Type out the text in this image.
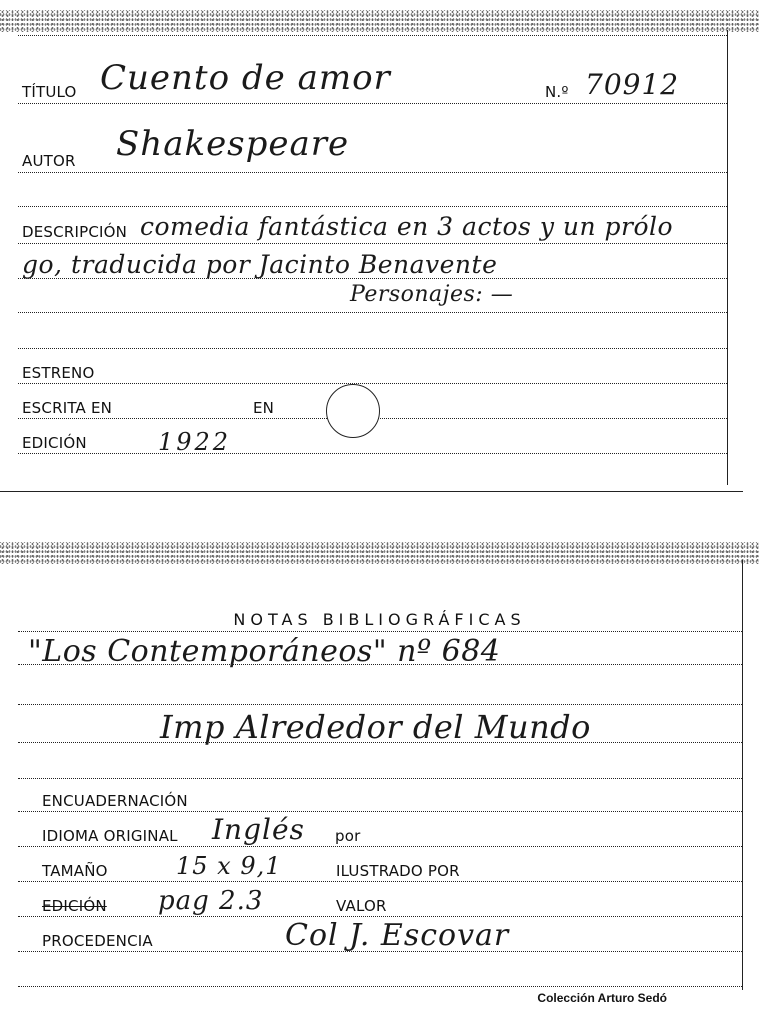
TÍTULO Cuento de amor	N.º 70912
AUTOR Shakespeare
DESCRIPCIÓN comedia fantástica en 3 actos y un prólo
go, traducida por Jacinto Benavente
Personajes: —
ESTRENO
ESCRITA EN	EN
EDICIÓN	1922
NOTAS BIBLIOGRÁFICAS
"Los Contemporáneos" nº 684
Imp Alrededor del Mundo
ENCUADERNACIÓN
IDIOMA ORIGINAL Inglés por
TAMAÑO	15 x 9,1	ILUSTRADO POR
EDICIÓN pag 2.3	VALOR
PROCEDENCIA	Col J. Escovar
Colección Arturo Sedó
